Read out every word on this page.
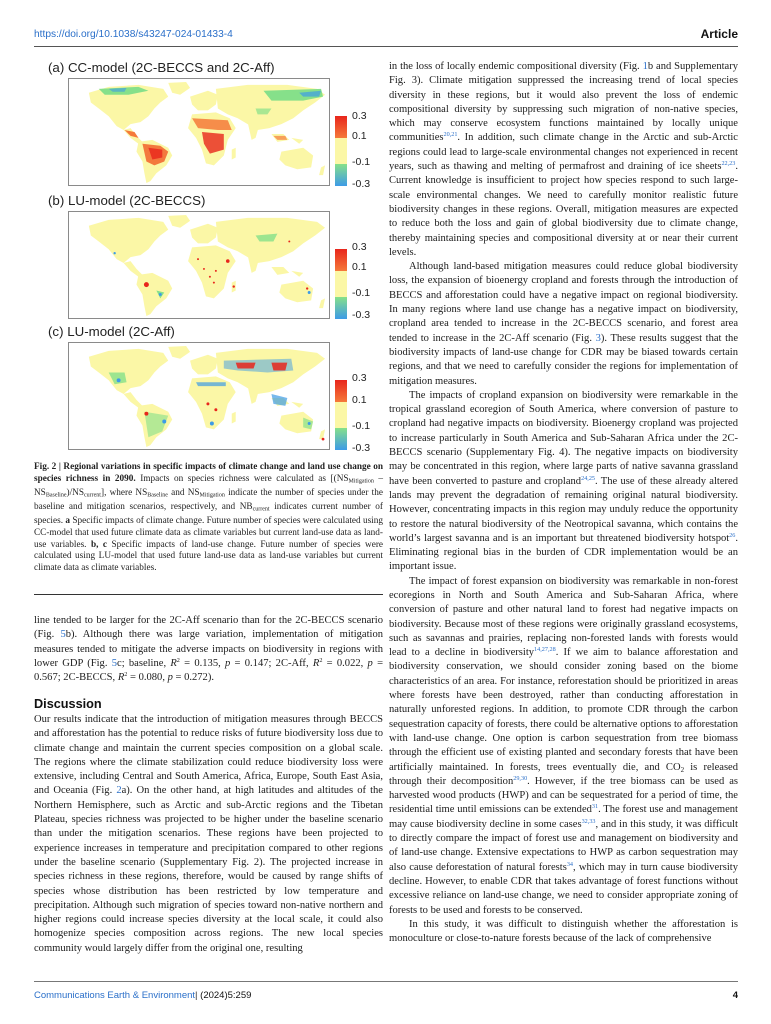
https://doi.org/10.1038/s43247-024-01433-4	Article
(a) CC-model (2C-BECCS and 2C-Aff)
0.3
0.1
-0.1
-0.3
(b) LU-model (2C-BECCS)
0.3
0.1
-0.1
-0.3
(c) LU-model (2C-Aff)
0.3
0.1
-0.1
-0.3
Fig. 2 | Regional variations in specific impacts of climate change and land use change on species richness in 2090. Impacts on species richness were calculated as $[(NS_{Mitigation} - NS_{Baseline})/NS_{current}]$, where $NS_{Baseline}$ and $NS_{Mitigation}$ indicate the number of species under the baseline and mitigation scenarios, respectively, and $NB_{current}$ indicates current number of species. a Specific impacts of climate change. Future number of species were calculated using CC-model that used future climate data as climate variables but current land-use data as land-use variables. b, c Specific impacts of land-use change. Future number of species were calculated using LU-model that used future land-use data as land-use variables but current climate data as climate variables.

line tended to be larger for the 2C-Aff scenario than for the 2C-BECCS scenario (Fig. 5b). Although there was large variation, implementation of mitigation measures tended to mitigate the adverse impacts on biodiversity in regions with lower GDP (Fig. 5c; baseline, $R^2 = 0.135$, p = 0.147; 2C-Aff, $R^2 = 0.022$, p = 0.567; 2C-BECCS, $R^2 = 0.080$, p = 0.272).

Discussion

Our results indicate that the introduction of mitigation measures through BECCS and afforestation has the potential to reduce risks of future biodiversity loss due to climate change and maintain the current species composition on a global scale. The regions where the climate stabilization could reduce biodiversity loss were extensive, including Central and South America, Africa, Europe, South East Asia, and Oceania (Fig. 2a). On the other hand, at high latitudes and altitudes of the Northern Hemisphere, such as Arctic and sub-Arctic regions and the Tibetan Plateau, species richness was projected to be higher under the baseline scenario than under the mitigation scenarios. These regions have been projected to experience increases in temperature and precipitation compared to other regions under the baseline scenario (Supplementary Fig. 2). The projected increase in species richness in these regions, therefore, would be caused by range shifts of species whose distribution has been restricted by low temperature and precipitation. Although such migration of species toward non-native northern and higher regions could increase species diversity at the local scale, it could also homogenize species composition across regions. The new local species community would largely differ from the original one, resulting

in the loss of locally endemic compositional diversity (Fig. 1b and Supplementary Fig. 3). Climate mitigation suppressed the increasing trend of local species diversity in these regions, but it would also prevent the loss of endemic compositional diversity by suppressing such migration of non-native species, which may conserve ecosystem functions maintained by locally unique communities$^{20,21}$. In addition, such climate change in the Arctic and sub-Arctic regions could lead to large-scale environmental changes not experienced in recent years, such as thawing and melting of permafrost and draining of ice sheets$^{22,23}$. Current knowledge is insufficient to project how species respond to such large-scale environmental changes. We need to carefully monitor realistic future biodiversity changes in these regions. Overall, mitigation measures are expected to reduce both the loss and gain of global biodiversity due to climate change, thereby maintaining species and compositional diversity at or near their current levels.

Although land-based mitigation measures could reduce global biodiversity loss, the expansion of bioenergy cropland and forests through the introduction of BECCS and afforestation could have a negative impact on regional biodiversity. In many regions where land use change has a negative impact on biodiversity, cropland area tended to increase in the 2C-BECCS scenario, and forest area tended to increase in the 2C-Aff scenario (Fig. 3). These results suggest that the biodiversity impacts of land-use change for CDR may be biased towards certain regions, and that we need to carefully consider the regions for implementation of mitigation measures.

The impacts of cropland expansion on biodiversity were remarkable in the tropical grassland ecoregion of South America, where conversion of pasture to cropland had negative impacts on biodiversity. Bioenergy cropland was projected to increase particularly in South America and Sub-Saharan Africa under the 2C-BECCS scenario (Supplementary Fig. 4). The negative impacts on biodiversity may be concentrated in this region, where large parts of native savanna grassland have been converted to pasture and cropland$^{24,25}$. The use of these already altered lands may prevent the degradation of remaining original natural biodiversity. However, concentrating impacts in this region may unduly reduce the opportunity to restore the natural biodiversity of the Neotropical savanna, which contains the world’s largest savanna and is an important but threatened biodiversity hotspot$^{26}$. Eliminating regional bias in the burden of CDR implementation would be an important issue.

The impact of forest expansion on biodiversity was remarkable in non-forest ecoregions in North and South America and Sub-Saharan Africa, where conversion of pasture and other natural land to forest had negative impacts on biodiversity. Because most of these regions were originally grassland ecosystems, such as savannas and prairies, replacing non-forested lands with forests would lead to a decline in biodiversity$^{14,27,28}$. If we aim to balance afforestation and biodiversity conservation, we should consider zoning based on the biome characteristics of an area. For instance, reforestation should be prioritized in areas where forests have been destroyed, rather than conducting afforestation in naturally unforested regions. In addition, to promote CDR through the carbon sequestration capacity of forests, there could be alternative options to afforestation with land-use change. One option is carbon sequestration from tree biomass through the efficient use of existing planted and secondary forests that have been artificially maintained. In forests, trees eventually die, and $CO_2$ is released through their decomposition$^{29,30}$. However, if the tree biomass can be used as harvested wood products (HWP) and can be sequestrated for a period of time, the residential time until emissions can be extended$^{31}$. The forest use and management may cause biodiversity decline in some cases$^{32,33}$, and in this study, it was difficult to directly compare the impact of forest use and management on biodiversity and of land-use change. Extensive expectations to HWP as carbon sequestration may also cause deforestation of natural forests$^{34}$, which may in turn cause biodiversity decline. However, to enable CDR that takes advantage of forest functions without excessive reliance on land-use change, we need to consider appropriate zoning of forests to be used and forests to be conserved.

In this study, it was difficult to distinguish whether the afforestation is monoculture or close-to-nature forests because of the lack of comprehensive

Communications Earth & Environment| (2024)5:259	4
